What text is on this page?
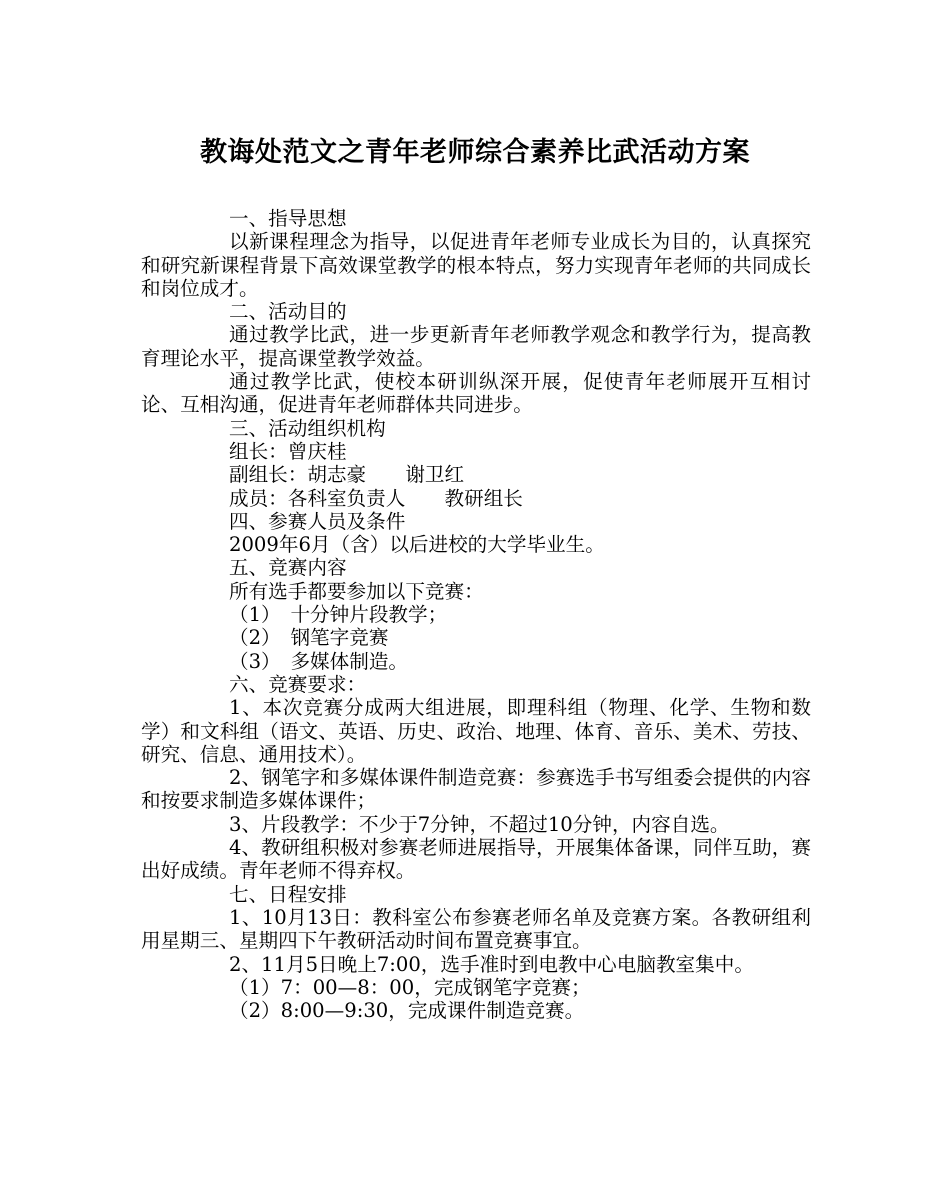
教诲处范文之青年老师综合素养比武活动方案

一、指导思想

以新课程理念为指导，以促进青年老师专业成长为目的，认真探究和研究新课程背景下高效课堂教学的根本特点，努力实现青年老师的共同成长和岗位成才。

二、活动目的

通过教学比武，进一步更新青年老师教学观念和教学行为，提高教育理论水平，提高课堂教学效益。

通过教学比武，使校本研训纵深开展，促使青年老师展开互相讨论、互相沟通，促进青年老师群体共同进步。

三、活动组织机构

组长：曾庆桂

副组长：胡志豪　　谢卫红

成员：各科室负责人　　教研组长

四、参赛人员及条件

2009年6月（含）以后进校的大学毕业生。

五、竞赛内容

所有选手都要参加以下竞赛：

（1）　十分钟片段教学；

（2）　钢笔字竞赛

（3）　多媒体制造。

六、竞赛要求：

1、本次竞赛分成两大组进展，即理科组（物理、化学、生物和数学）和文科组（语文、英语、历史、政治、地理、体育、音乐、美术、劳技、研究、信息、通用技术）。

2、钢笔字和多媒体课件制造竞赛：参赛选手书写组委会提供的内容和按要求制造多媒体课件；

3、片段教学：不少于7分钟，不超过10分钟，内容自选。

4、教研组积极对参赛老师进展指导，开展集体备课，同伴互助，赛出好成绩。青年老师不得弃权。

七、日程安排

1、10月13日：教科室公布参赛老师名单及竞赛方案。各教研组利用星期三、星期四下午教研活动时间布置竞赛事宜。

2、11月5日晚上7:00，选手准时到电教中心电脑教室集中。

（1）7：00—8：00，完成钢笔字竞赛；

（2）8:00—9:30，完成课件制造竞赛。
